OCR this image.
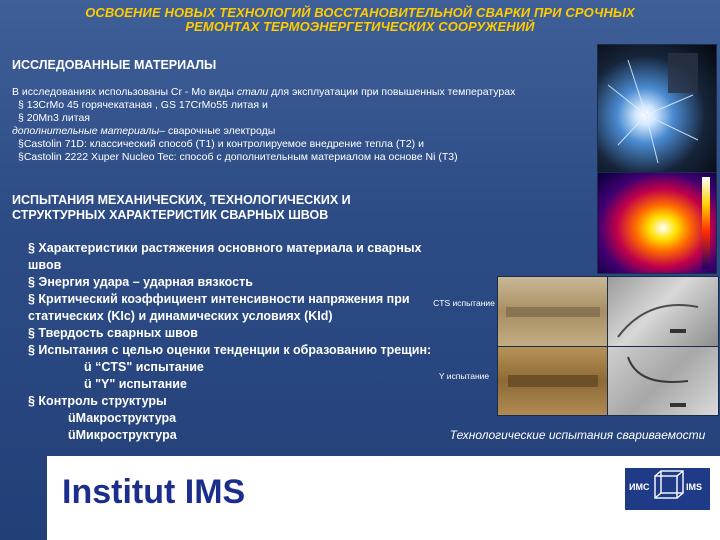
ОСВОЕНИЕ НОВЫХ ТЕХНОЛОГИЙ ВОССТАНОВИТЕЛЬНОЙ СВАРКИ ПРИ СРОЧНЫХ
РЕМОНТАХ ТЕРМОЭНЕРГЕТИЧЕСКИХ СООРУЖЕНИЙ
ИССЛЕДОВАННЫЕ МАТЕРИАЛЫ
В исследованиях использованы Cr - Mo виды стали для эксплуатации при повышенных температурах
§ 13CrMo 45 горячекатаная , GS 17CrMo55 литая и
§ 20Mn3 литая
дополнительные материалы– сварочные электроды
§Castolin 71D: классический способ (T1) и контролируемое внедрение тепла (T2) и
§Castolin 2222 Xuper Nucleo Tec: способ с дополнительным материалом на основе Ni (T3)
ИСПЫТАНИЯ МЕХАНИЧЕСКИХ, ТЕХНОЛОГИЧЕСКИХ И СТРУКТУРНЫХ ХАРАКТЕРИСТИК СВАРНЫХ ШВОВ
§ Характеристики растяжения основного материала и сварных швов
§ Энергия удара – ударная вязкость
§ Критический коэффициент интенсивности напряжения при статических (KIc) и динамических условиях (KId)
§ Твердость сварных швов
§ Испытания с целью оценки тенденции к образованию трещин:
ü “CTS" испытание
ü "Y" испытание
§ Контроль структуры
üМакроструктура
üМикроструктура
CTS испытание
Y испытание
Технологические испытания свариваемости
Institut IMS	ИМС	IMS
